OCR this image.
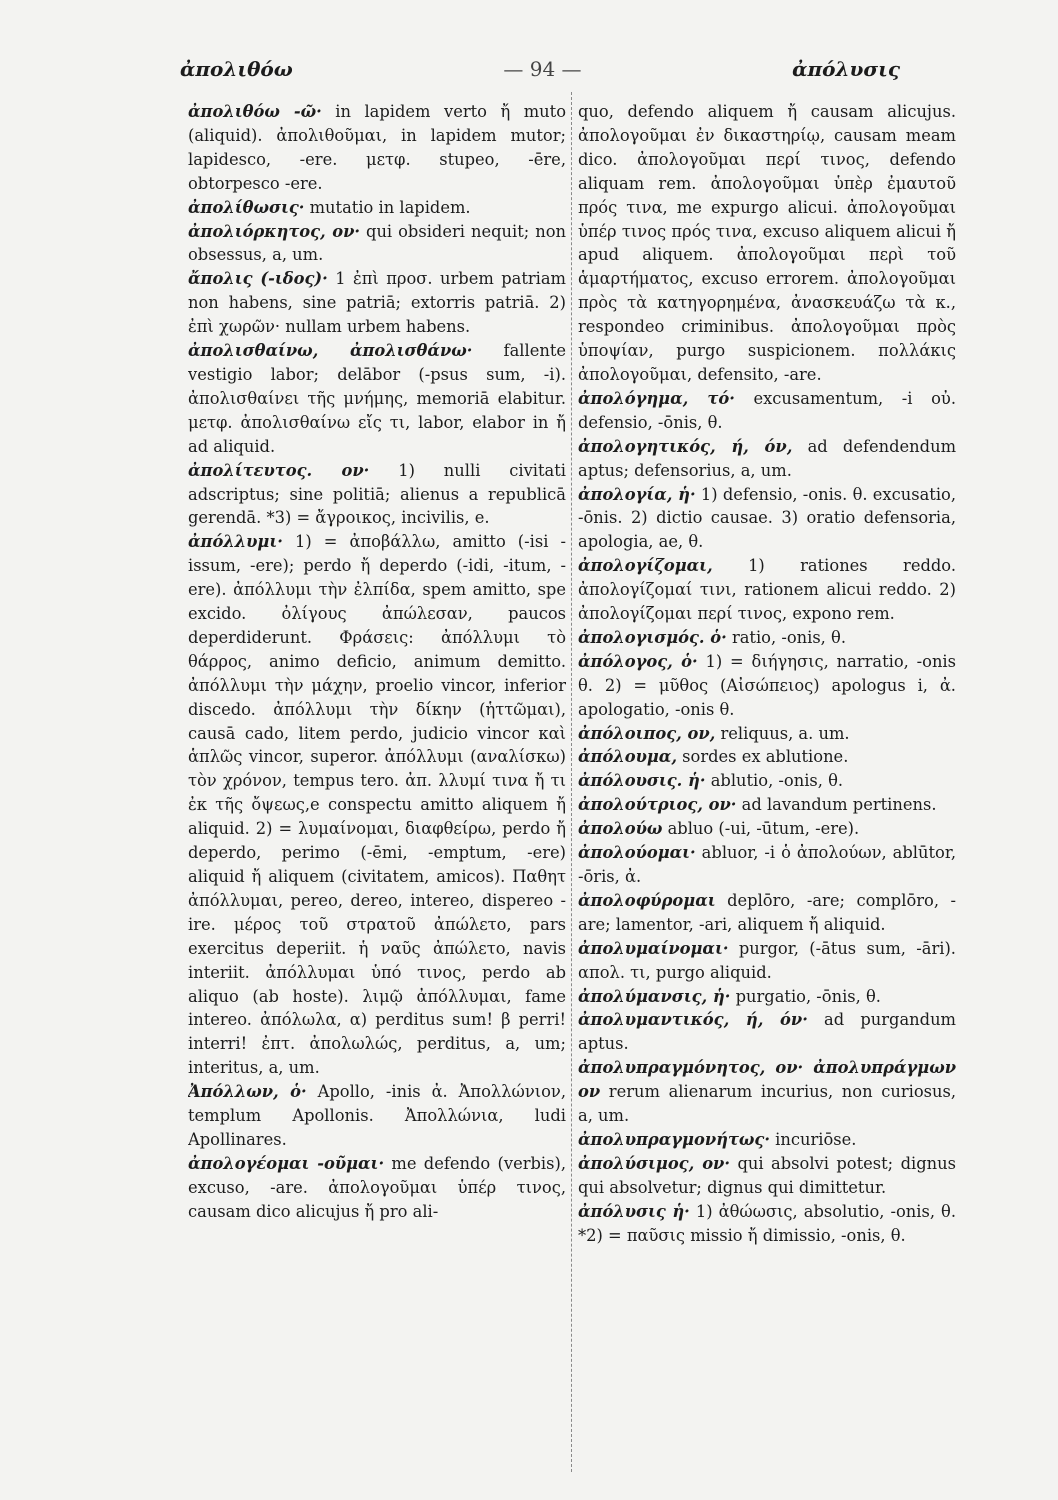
ἀπολιθόω	— 94 —	ἀπόλυσις

ἀπολιθόω -ῶ· in lapidem verto ἤ muto (aliquid). ἀπολιθοῦμαι, in lapidem mutor; lapidesco, -ere. μετφ. stupeo, -ēre, obtorpesco -ere.

ἀπολίθωσις· mutatio in lapidem.

ἀπολιόρκητος, ον· qui obsideri nequit; non obsessus, a, um.

ἄπολις (-ιδος)· 1 ἐπὶ προσ. urbem patriam non habens, sine patriā; extorris patriā. 2) ἐπὶ χωρῶν· nullam urbem habens.

ἀπολισθαίνω, ἀπολισθάνω· fallente vestigio labor; delābor (-psus sum, -i). ἀπολισθαίνει τῆς μνήμης, memoriā elabitur. μετφ. ἀπολισθαίνω εἴς τι, labor, elabor in ἤ ad aliquid.

ἀπολίτευτος. ον· 1) nulli civitati adscriptus; sine politiā; alienus a republicā gerendā. *3) = ἄγροικος, incivilis, e.

ἀπόλλυμι· 1) = ἀποβάλλω, amitto (-isi -issum, -ere); perdo ἤ deperdo (-idi, -itum, -ere). ἀπόλλυμι τὴν ἐλπίδα, spem amitto, spe excido. ὀλίγους ἀπώλεσαν, paucos deperdiderunt. Φράσεις: ἀπόλλυμι τὸ θάρρος, animo deficio, animum demitto. ἀπόλλυμι τὴν μάχην, proelio vincor, inferior discedo. ἀπόλλυμι τὴν δίκην (ἡττῶμαι), causā cado, litem perdo, judicio vincor καὶ ἁπλῶς vincor, superor. ἀπόλλυμι (αναλίσκω) τὸν χρόνον, tempus tero. ἀπ. λλυμί τινα ἤ τι ἐκ τῆς ὄψεως,e conspectu amitto aliquem ἤ aliquid. 2) = λυμαίνομαι, διαφθείρω, perdo ἤ deperdo, perimo (-ēmi, -emptum, -ere) aliquid ἤ aliquem (civitatem, amicos). Παθητ ἀπόλλυμαι, pereo, dereo, intereo, dispereo -ire. μέρος τοῦ στρατοῦ ἀπώλετο, pars exercitus deperiit. ἡ ναῦς ἀπώλετο, navis interiit. ἀπόλλυμαι ὑπό τινος, perdo ab aliquo (ab hoste). λιμῷ ἀπόλλυμαι, fame intereo. ἀπόλωλα, α) perditus sum! β perri! interri! ἐπτ. ἀπολωλώς, perditus, a, um; interitus, a, um.

Ἀπόλλων, ὁ· Apollo, -inis ἀ. Ἀπολλώνιον, templum Apollonis. Ἀπολλώνια, ludi Apollinares.

ἀπολογέομαι -οῦμαι· me defendo (verbis), excuso, -are. ἀπολογοῦμαι ὑπέρ τινος, causam dico alicujus ἤ pro ali-

quo, defendo aliquem ἤ causam alicujus. ἀπολογοῦμαι ἐν δικαστηρίῳ, causam meam dico. ἀπολογοῦμαι περί τινος, defendo aliquam rem. ἀπολογοῦμαι ὑπὲρ ἐμαυτοῦ πρός τινα, me expurgo alicui. ἀπολογοῦμαι ὑπέρ τινος πρός τινα, excuso aliquem alicui ἤ apud aliquem. ἀπολογοῦμαι περὶ τοῦ ἁμαρτήματος, excuso errorem. ἀπολογοῦμαι πρὸς τὰ κατηγορημένα, ἀνασκευάζω τὰ κ., respondeo criminibus. ἀπολογοῦμαι πρὸς ὑποψίαν, purgo suspicionem. πολλάκις ἀπολογοῦμαι, defensito, -are.

ἀπολόγημα, τό· excusamentum, -i οὐ. defensio, -ōnis, θ.

ἀπολογητικός, ή, όν, ad defendendum aptus; defensorius, a, um.

ἀπολογία, ἡ· 1) defensio, -onis. θ. excusatio, -ōnis. 2) dictio causae. 3) oratio defensoria, apologia, ae, θ.

ἀπολογίζομαι, 1) rationes reddo. ἀπολογίζομαί τινι, rationem alicui reddo. 2) ἀπολογίζομαι περί τινος, expono rem.

ἀπολογισμός. ὁ· ratio, -onis, θ.

ἀπόλογος, ὁ· 1) = διήγησις, narratio, -onis θ. 2) = μῦθος (Αἰσώπειος) apologus i, ἀ. apologatio, -onis θ.

ἀπόλοιπος, ον, reliquus, a. um.

ἀπόλουμα, sordes ex ablutione.

ἀπόλουσις. ἡ· ablutio, -onis, θ.

ἀπολούτριος, ον· ad lavandum pertinens.

ἀπολούω abluo (-ui, -ūtum, -ere).

ἀπολούομαι· abluor, -i ὁ ἀπολούων, ablūtor, -ōris, ἀ.

ἀπολοφύρομαι deplōro, -are; complōro, -are; lamentor, -ari, aliquem ἤ aliquid.

ἀπολυμαίνομαι· purgor, (-ātus sum, -āri). απολ. τι, purgo aliquid.

ἀπολύμανσις, ἡ· purgatio, -ōnis, θ.

ἀπολυμαντικός, ή, όν· ad purgandum aptus.

ἀπολυπραγμόνητος, ον· ἀπολυπράγμων ον rerum alienarum incurius, non curiosus, a, um.

ἀπολυπραγμονήτως· incuriōse.

ἀπολύσιμος, ον· qui absolvi potest; dignus qui absolvetur; dignus qui dimittetur.

ἀπόλυσις ἡ· 1) ἀθώωσις, absolutio, -onis, θ. *2) = παῦσις missio ἤ dimissio, -onis, θ.
